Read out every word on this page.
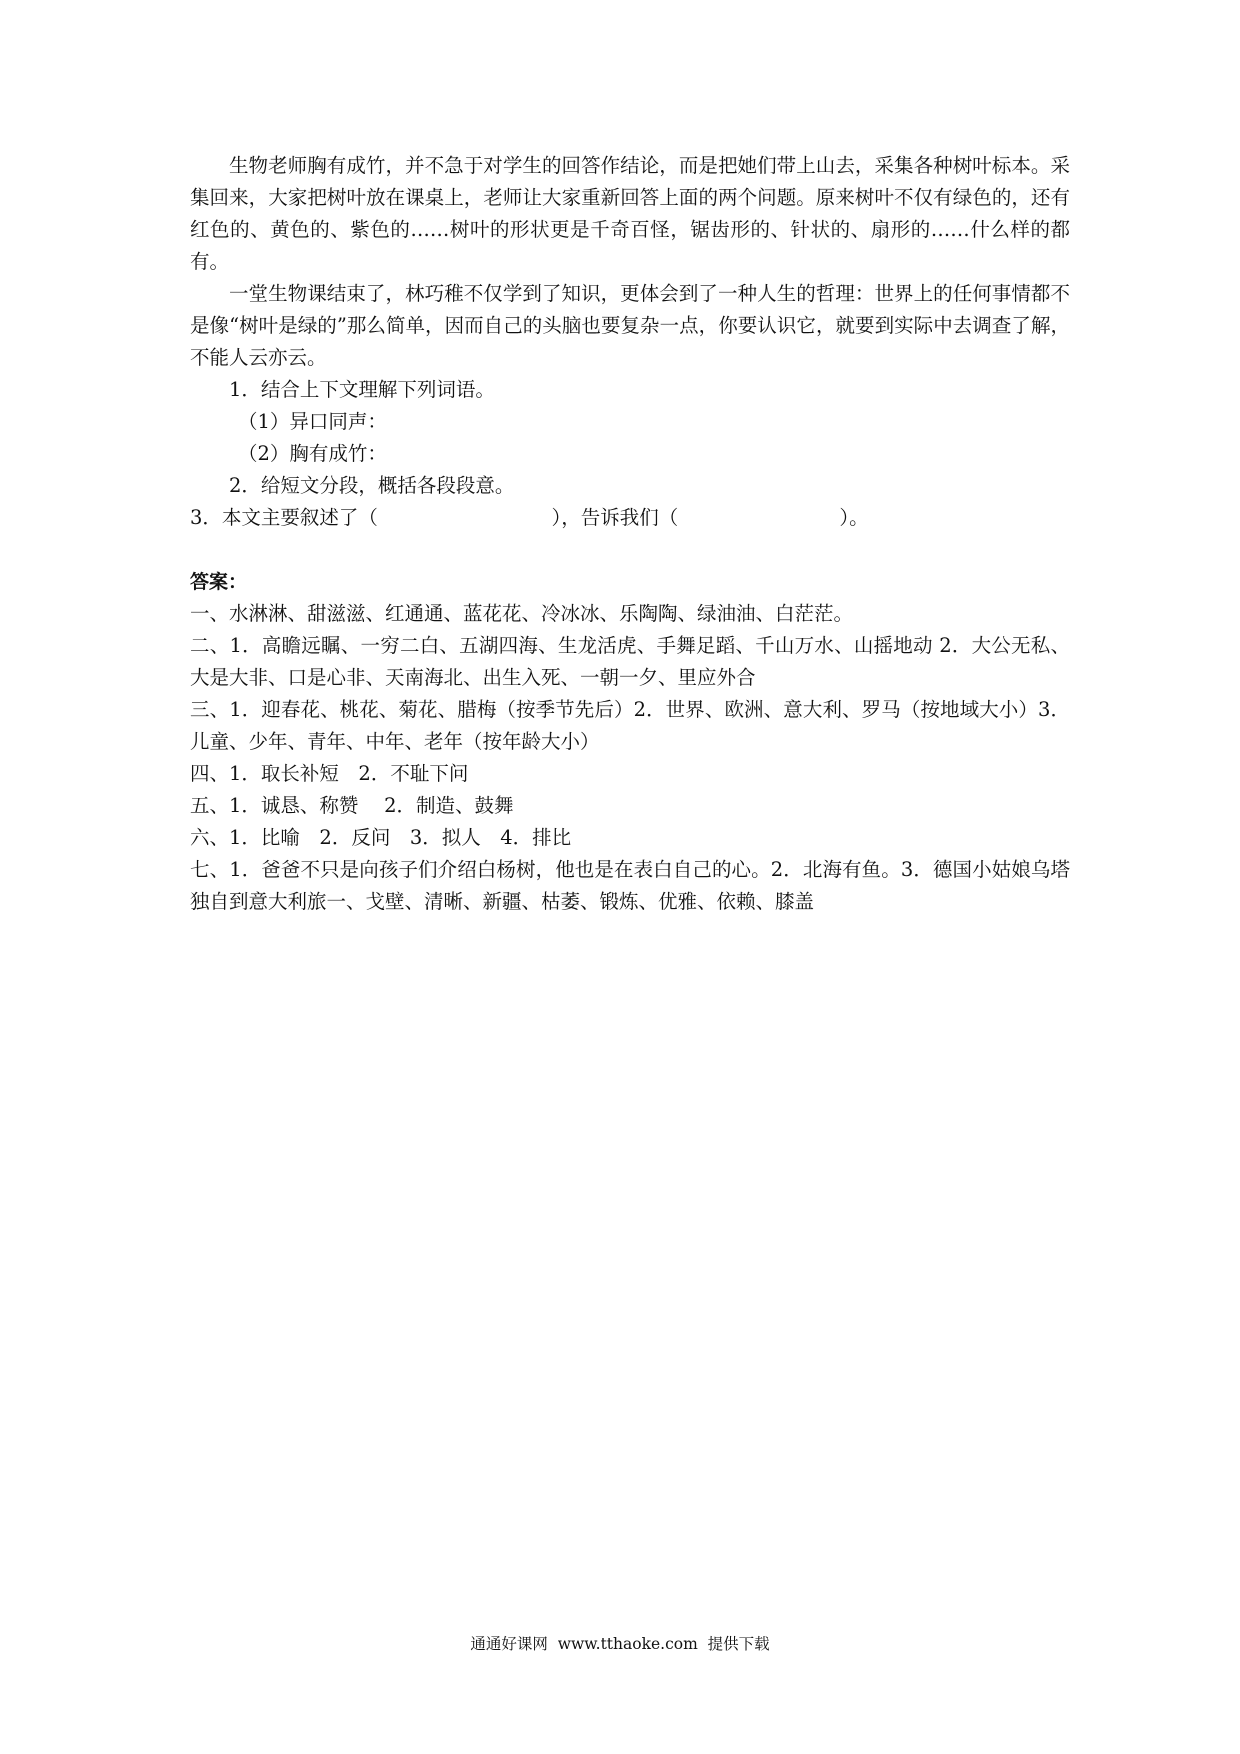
生物老师胸有成竹，并不急于对学生的回答作结论，而是把她们带上山去，采集各种树叶标本。采集回来，大家把树叶放在课桌上，老师让大家重新回答上面的两个问题。原来树叶不仅有绿色的，还有红色的、黄色的、紫色的……树叶的形状更是千奇百怪，锯齿形的、针状的、扇形的……什么样的都有。

一堂生物课结束了，林巧稚不仅学到了知识，更体会到了一种人生的哲理：世界上的任何事情都不是像“树叶是绿的”那么简单，因而自己的头脑也要复杂一点，你要认识它，就要到实际中去调查了解，不能人云亦云。

1．结合上下文理解下列词语。

（1）异口同声：

（2）胸有成竹：

2．给短文分段，概括各段段意。

3．本文主要叙述了（                            ），告诉我们（                          ）。

答案：

一、水淋淋、甜滋滋、红通通、蓝花花、冷冰冰、乐陶陶、绿油油、白茫茫。

二、1．高瞻远瞩、一穷二白、五湖四海、生龙活虎、手舞足蹈、千山万水、山摇地动 2．大公无私、大是大非、口是心非、天南海北、出生入死、一朝一夕、里应外合

三、1．迎春花、桃花、菊花、腊梅（按季节先后）2．世界、欧洲、意大利、罗马（按地域大小）3．儿童、少年、青年、中年、老年（按年龄大小）

四、1．取长补短　2．不耻下问

五、1．诚恳、称赞　 2．制造、鼓舞

六、1．比喻　2．反问　3．拟人　4．排比

七、1．爸爸不只是向孩子们介绍白杨树，他也是在表白自己的心。2．北海有鱼。3．德国小姑娘乌塔独自到意大利旅一、戈壁、清晰、新疆、枯萎、锻炼、优雅、依赖、膝盖

通通好课网 www.tthaoke.com 提供下载
